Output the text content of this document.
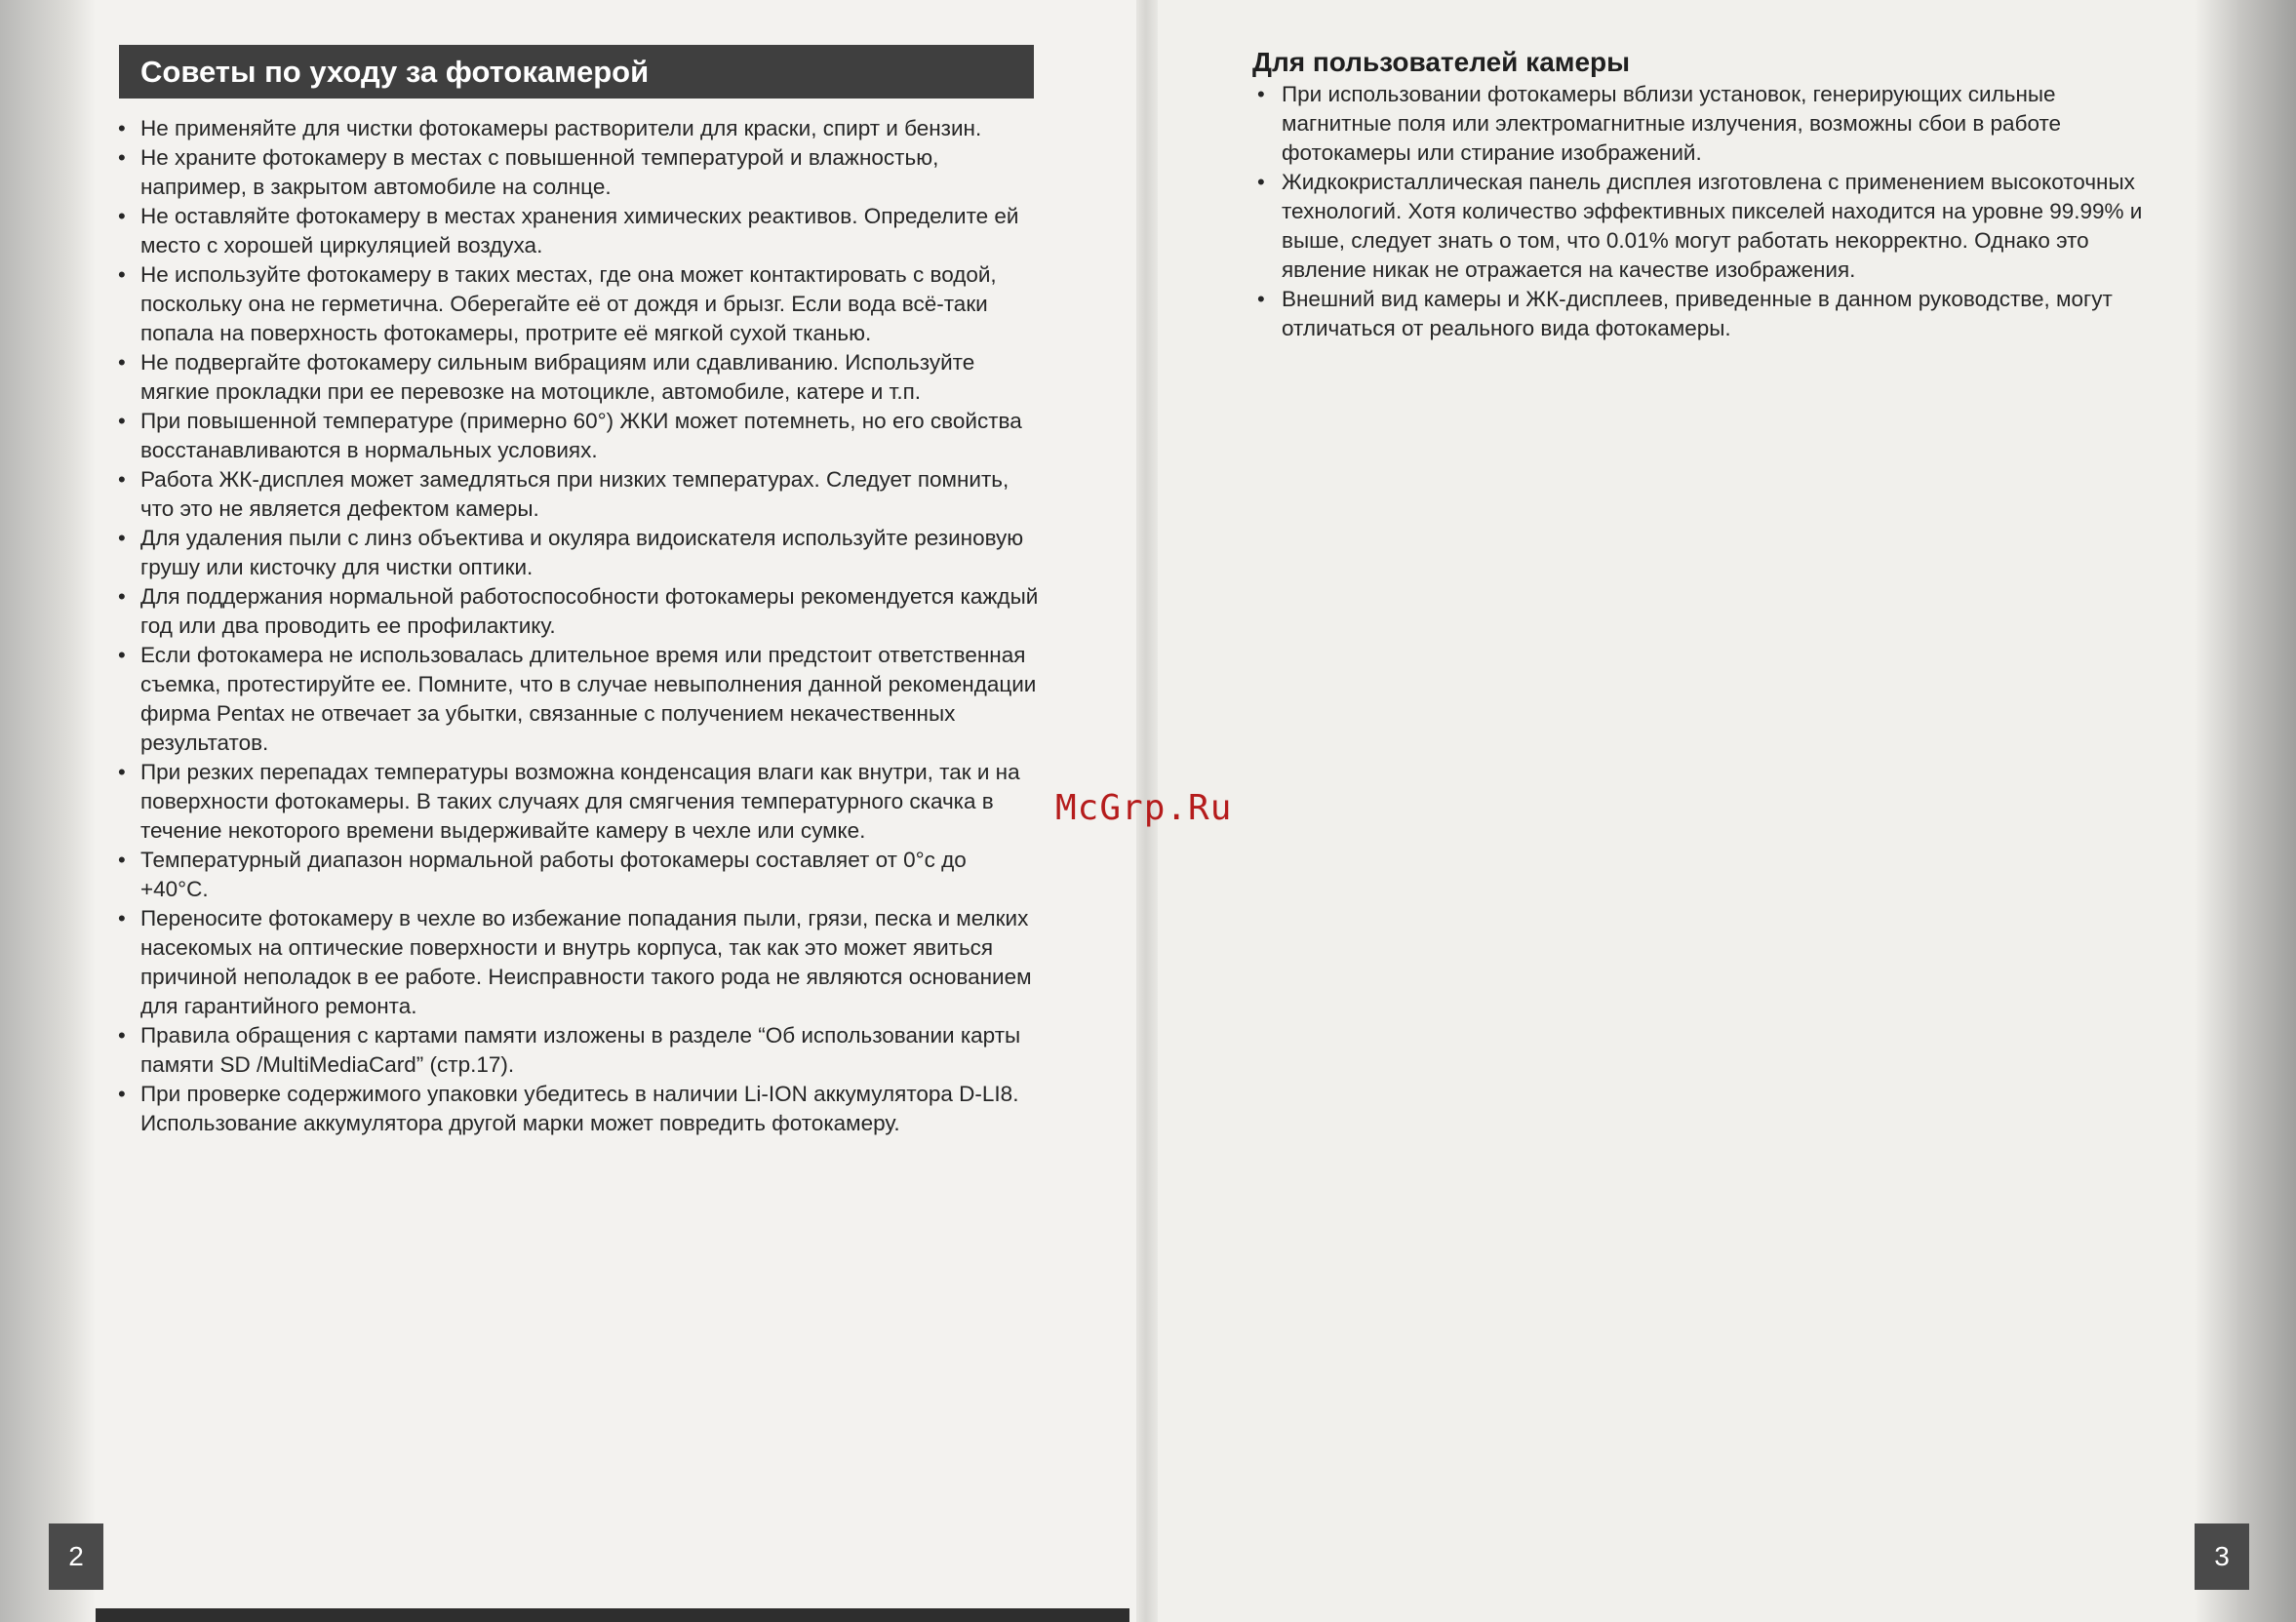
Советы по уходу за фотокамерой
• Не применяйте для чистки фотокамеры растворители для краски, спирт и бензин.
• Не храните фотокамеру в местах с повышенной температурой и влажностью, например, в закрытом автомобиле на солнце.
• Не оставляйте фотокамеру в местах хранения химических реактивов. Определите ей место с хорошей циркуляцией воздуха.
• Не используйте фотокамеру в таких местах, где она может контактировать с водой, поскольку она не герметична. Оберегайте её от дождя и брызг. Если вода всё-таки попала на поверхность фотокамеры, протрите её мягкой сухой тканью.
• Не подвергайте фотокамеру сильным вибрациям или сдавливанию. Используйте мягкие прокладки при ее перевозке на мотоцикле, автомобиле, катере и т.п.
• При повышенной температуре (примерно 60°) ЖКИ может потемнеть, но его свойства восстанавливаются в нормальных условиях.
• Работа ЖК-дисплея может замедляться при низких температурах. Следует помнить, что это не является дефектом камеры.
• Для удаления пыли с линз объектива и окуляра видоискателя используйте резиновую грушу или кисточку для чистки оптики.
• Для поддержания нормальной работоспособности фотокамеры рекомендуется каждый год или два проводить ее профилактику.
• Если фотокамера не использовалась длительное время или предстоит ответственная съемка, протестируйте ее. Помните, что в случае невыполнения данной рекомендации фирма Pentax не отвечает за убытки, связанные с получением некачественных результатов.
• При резких перепадах температуры возможна конденсация влаги как внутри, так и на поверхности фотокамеры. В таких случаях для смягчения температурного скачка в течение некоторого времени выдерживайте камеру в чехле или сумке.
• Температурный диапазон нормальной работы фотокамеры составляет от 0°с до +40°С.
• Переносите фотокамеру в чехле во избежание попадания пыли, грязи, песка и мелких насекомых на оптические поверхности и внутрь корпуса, так как это может явиться причиной неполадок в ее работе. Неисправности такого рода не являются основанием для гарантийного ремонта.
• Правила обращения с картами памяти изложены в разделе “Об использовании карты памяти SD /MultiMediaCard” (стр.17).
• При проверке содержимого упаковки убедитесь в наличии Li-ION аккумулятора D-LI8. Использование аккумулятора другой марки может повредить фотокамеру.
Для пользователей камеры
• При использовании фотокамеры вблизи установок, генерирующих сильные магнитные поля или электромагнитные излучения, возможны сбои в работе фотокамеры или стирание изображений.
• Жидкокристаллическая панель дисплея изготовлена с применением высокоточных технологий. Хотя количество эффективных пикселей находится на уровне 99.99% и выше, следует знать о том, что 0.01% могут работать некорректно. Однако это явление никак не отражается на качестве изображения.
• Внешний вид камеры и ЖК-дисплеев, приведенные в данном руководстве, могут отличаться от реального вида фотокамеры.
McGrp.Ru
2	3
